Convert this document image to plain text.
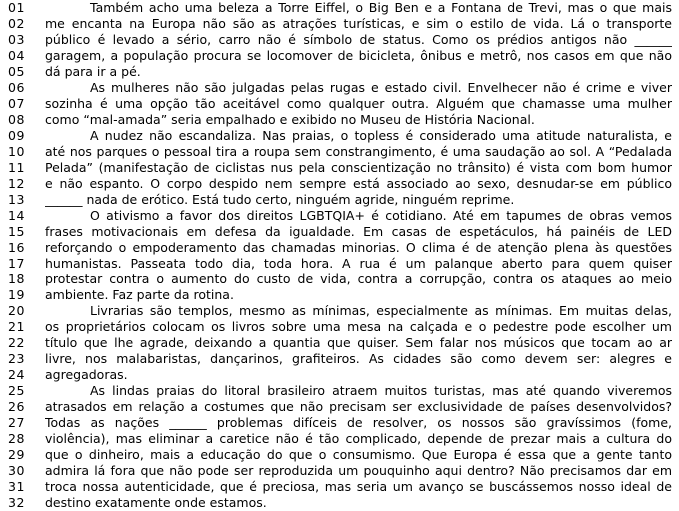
01	Também acho uma beleza a Torre Eiffel, o Big Ben e a Fontana de Trevi, mas o que mais
02 me encanta na Europa não são as atrações turísticas, e sim o estilo de vida. Lá o transporte
03 público é levado a sério, carro não é símbolo de status. Como os prédios antigos não ______
04 garagem, a população procura se locomover de bicicleta, ônibus e metrô, nos casos em que não
05 dá para ir a pé.
06	As mulheres não são julgadas pelas rugas e estado civil. Envelhecer não é crime e viver
07 sozinha é uma opção tão aceitável como qualquer outra. Alguém que chamasse uma mulher
08 como “mal-amada” seria empalhado e exibido no Museu de História Nacional.
09	A nudez não escandaliza. Nas praias, o topless é considerado uma atitude naturalista, e
10 até nos parques o pessoal tira a roupa sem constrangimento, é uma saudação ao sol. A “Pedalada
11 Pelada” (manifestação de ciclistas nus pela conscientização no trânsito) é vista com bom humor
12 e não espanto. O corpo despido nem sempre está associado ao sexo, desnudar-se em público
13 ______ nada de erótico. Está tudo certo, ninguém agride, ninguém reprime.
14	O ativismo a favor dos direitos LGBTQIA+ é cotidiano. Até em tapumes de obras vemos
15 frases motivacionais em defesa da igualdade. Em casas de espetáculos, há painéis de LED
16 reforçando o empoderamento das chamadas minorias. O clima é de atenção plena às questões
17 humanistas. Passeata todo dia, toda hora. A rua é um palanque aberto para quem quiser
18 protestar contra o aumento do custo de vida, contra a corrupção, contra os ataques ao meio
19 ambiente. Faz parte da rotina.
20	Livrarias são templos, mesmo as mínimas, especialmente as mínimas. Em muitas delas,
21 os proprietários colocam os livros sobre uma mesa na calçada e o pedestre pode escolher um
22 título que lhe agrade, deixando a quantia que quiser. Sem falar nos músicos que tocam ao ar
23 livre, nos malabaristas, dançarinos, grafiteiros. As cidades são como devem ser: alegres e
24 agregadoras.
25	As lindas praias do litoral brasileiro atraem muitos turistas, mas até quando viveremos
26 atrasados em relação a costumes que não precisam ser exclusividade de países desenvolvidos?
27 Todas as nações ______ problemas difíceis de resolver, os nossos são gravíssimos (fome,
28 violência), mas eliminar a caretice não é tão complicado, depende de prezar mais a cultura do
29 que o dinheiro, mais a educação do que o consumismo. Que Europa é essa que a gente tanto
30 admira lá fora que não pode ser reproduzida um pouquinho aqui dentro? Não precisamos dar em
31 troca nossa autenticidade, que é preciosa, mas seria um avanço se buscássemos nosso ideal de
32 destino exatamente onde estamos.
